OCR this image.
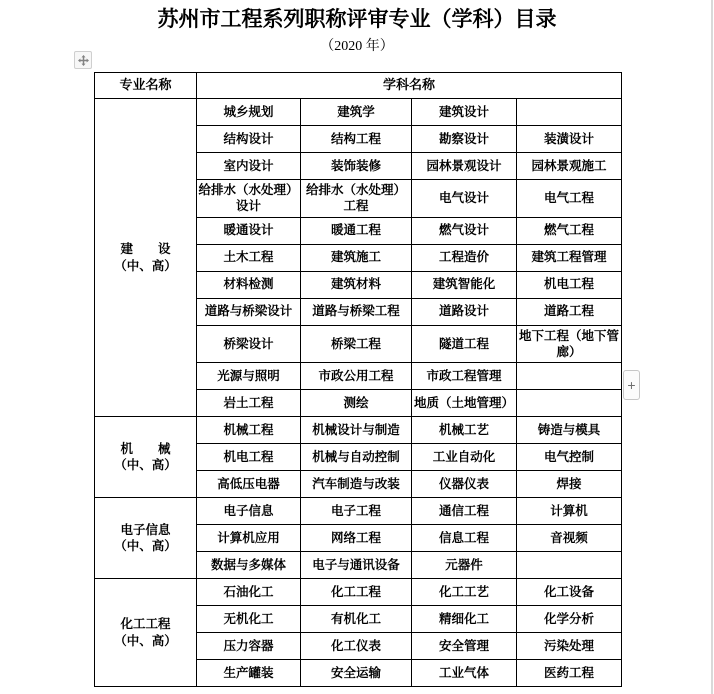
苏州市工程系列职称评审专业（学科）目录
（2020 年）
专业名称	学科名称			

建　　设
（中、高）	城乡规划	建筑学	建筑设计	
	结构设计	结构工程	勘察设计	装潢设计
	室内设计	装饰装修	园林景观设计	园林景观施工
	给排水（水处理）设计	给排水（水处理）工程	电气设计	电气工程
	暖通设计	暖通工程	燃气设计	燃气工程
	土木工程	建筑施工	工程造价	建筑工程管理
	材料检测	建筑材料	建筑智能化	机电工程
	道路与桥梁设计	道路与桥梁工程	道路设计	道路工程
	桥梁设计	桥梁工程	隧道工程	地下工程（地下管廊）
	光源与照明	市政公用工程	市政工程管理	
	岩土工程	测绘	地质（土地管理）	

机　　械
（中、高）	机械工程	机械设计与制造	机械工艺	铸造与模具
	机电工程	机械与自动控制	工业自动化	电气控制
	高低压电器	汽车制造与改装	仪器仪表	焊接

电子信息
（中、高）	电子信息	电子工程	通信工程	计算机
	计算机应用	网络工程	信息工程	音视频
	数据与多媒体	电子与通讯设备	元器件	

化工工程
（中、高）	石油化工	化工工程	化工工艺	化工设备
	无机化工	有机化工	精细化工	化学分析
	压力容器	化工仪表	安全管理	污染处理
	生产罐装	安全运输	工业气体	医药工程
+
